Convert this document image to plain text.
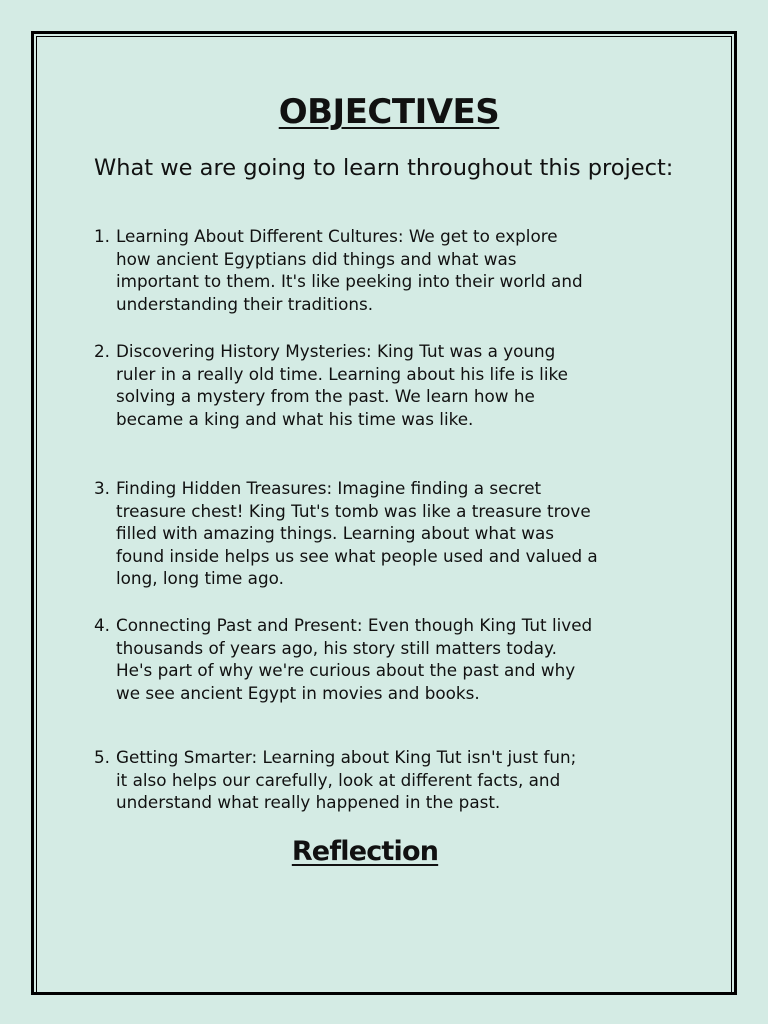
OBJECTIVES

What we are going to learn throughout this project:

1. Learning About Different Cultures: We get to explore
how ancient Egyptians did things and what was
important to them. It's like peeking into their world and
understanding their traditions.
2. Discovering History Mysteries: King Tut was a young
ruler in a really old time. Learning about his life is like
solving a mystery from the past. We learn how he
became a king and what his time was like.
3. Finding Hidden Treasures: Imagine finding a secret
treasure chest! King Tut's tomb was like a treasure trove
filled with amazing things. Learning about what was
found inside helps us see what people used and valued a
long, long time ago.
4. Connecting Past and Present: Even though King Tut lived
thousands of years ago, his story still matters today.
He's part of why we're curious about the past and why
we see ancient Egypt in movies and books.
5. Getting Smarter: Learning about King Tut isn't just fun;
it also helps our carefully, look at different facts, and
understand what really happened in the past.
Reflection
